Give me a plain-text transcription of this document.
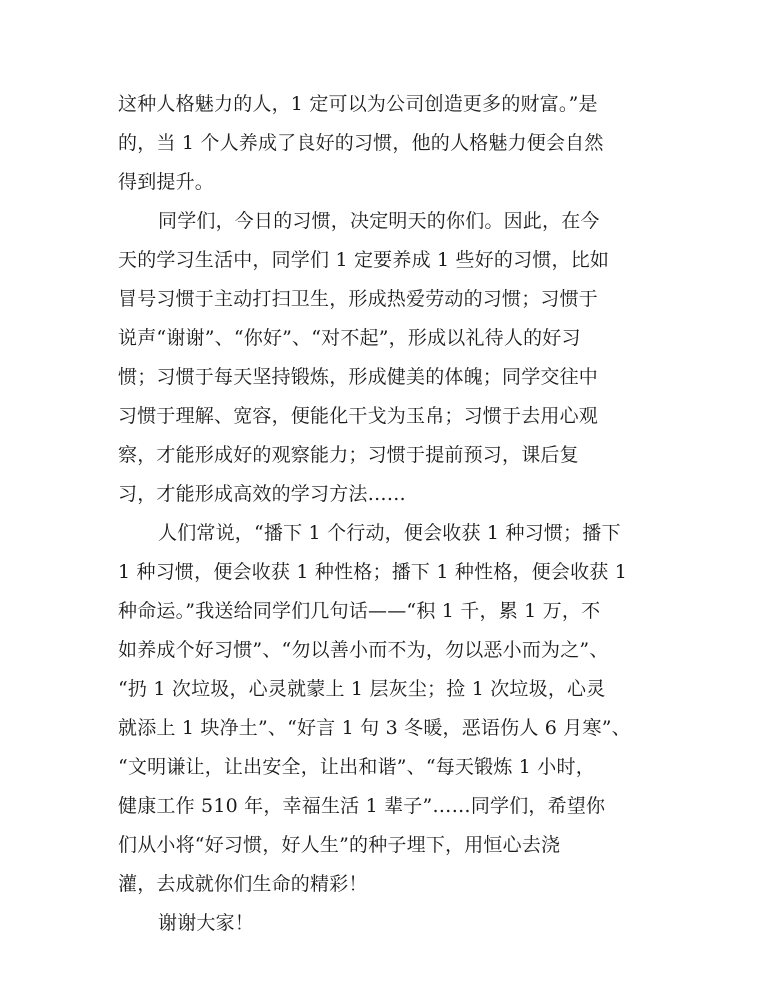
这种人格魅力的人，1 定可以为公司创造更多的财富。”是
的，当 1 个人养成了良好的习惯，他的人格魅力便会自然
得到提升。
同学们，今日的习惯，决定明天的你们。因此，在今
天的学习生活中，同学们 1 定要养成 1 些好的习惯，比如
冒号习惯于主动打扫卫生，形成热爱劳动的习惯；习惯于
说声“谢谢”、“你好”、“对不起”，形成以礼待人的好习
惯；习惯于每天坚持锻炼，形成健美的体魄；同学交往中
习惯于理解、宽容，便能化干戈为玉帛；习惯于去用心观
察，才能形成好的观察能力；习惯于提前预习，课后复
习，才能形成高效的学习方法……
人们常说，“播下 1 个行动，便会收获 1 种习惯；播下
1 种习惯，便会收获 1 种性格；播下 1 种性格，便会收获 1
种命运。”我送给同学们几句话——“积 1 千，累 1 万，不
如养成个好习惯”、“勿以善小而不为，勿以恶小而为之”、
“扔 1 次垃圾，心灵就蒙上 1 层灰尘；捡 1 次垃圾，心灵
就添上 1 块净土”、“好言 1 句 3 冬暖，恶语伤人 6 月寒”、
“文明谦让，让出安全，让出和谐”、“每天锻炼 1 小时，
健康工作 510 年，幸福生活 1 辈子”……同学们，希望你
们从小将“好习惯，好人生”的种子埋下，用恒心去浇
灌，去成就你们生命的精彩！
谢谢大家！
